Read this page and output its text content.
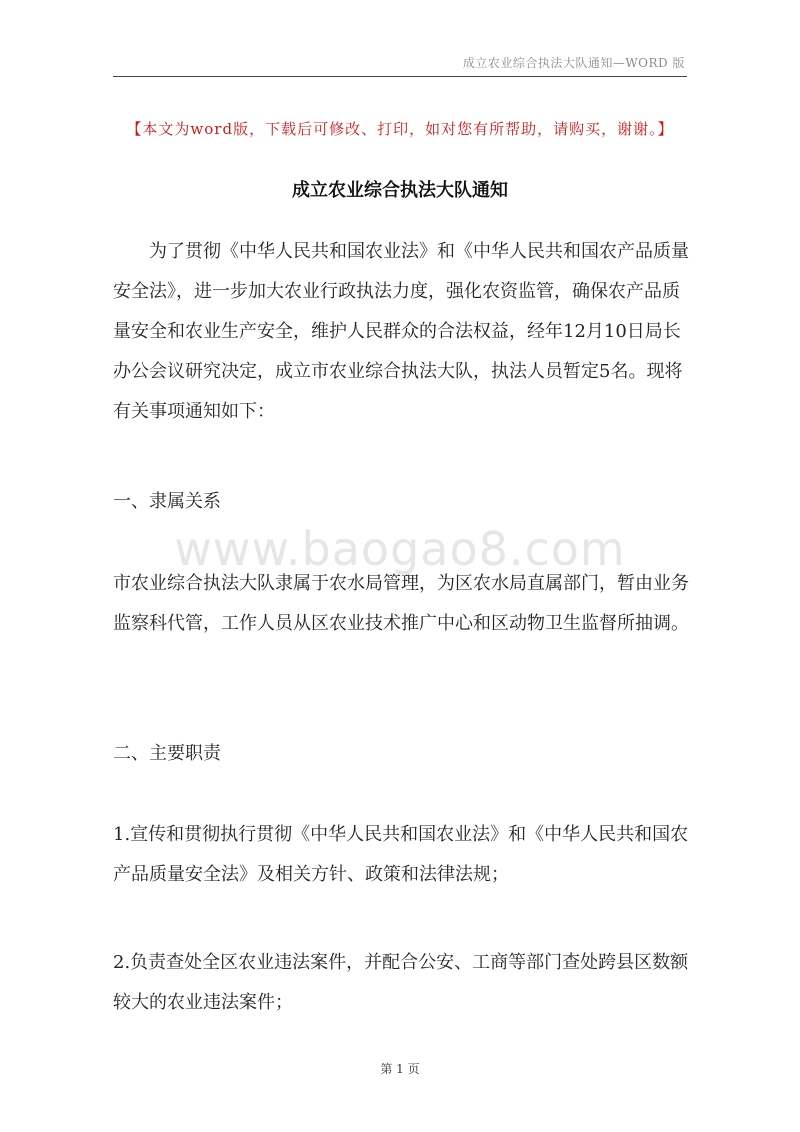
成立农业综合执法大队通知—WORD 版
【本文为word版，下载后可修改、打印，如对您有所帮助，请购买，谢谢。】
成立农业综合执法大队通知

为了贯彻《中华人民共和国农业法》和《中华人民共和国农产品质量安全法》，进一步加大农业行政执法力度，强化农资监管，确保农产品质量安全和农业生产安全，维护人民群众的合法权益，经年12月10日局长办公会议研究决定，成立市农业综合执法大队，执法人员暂定5名。现将有关事项通知如下：

一、隶属关系

www.baogao8.com

市农业综合执法大队隶属于农水局管理，为区农水局直属部门，暂由业务监察科代管，工作人员从区农业技术推广中心和区动物卫生监督所抽调。

二、主要职责

1.宣传和贯彻执行贯彻《中华人民共和国农业法》和《中华人民共和国农产品质量安全法》及相关方针、政策和法律法规；

2.负责查处全区农业违法案件，并配合公安、工商等部门查处跨县区数额较大的农业违法案件；

第 1 页
